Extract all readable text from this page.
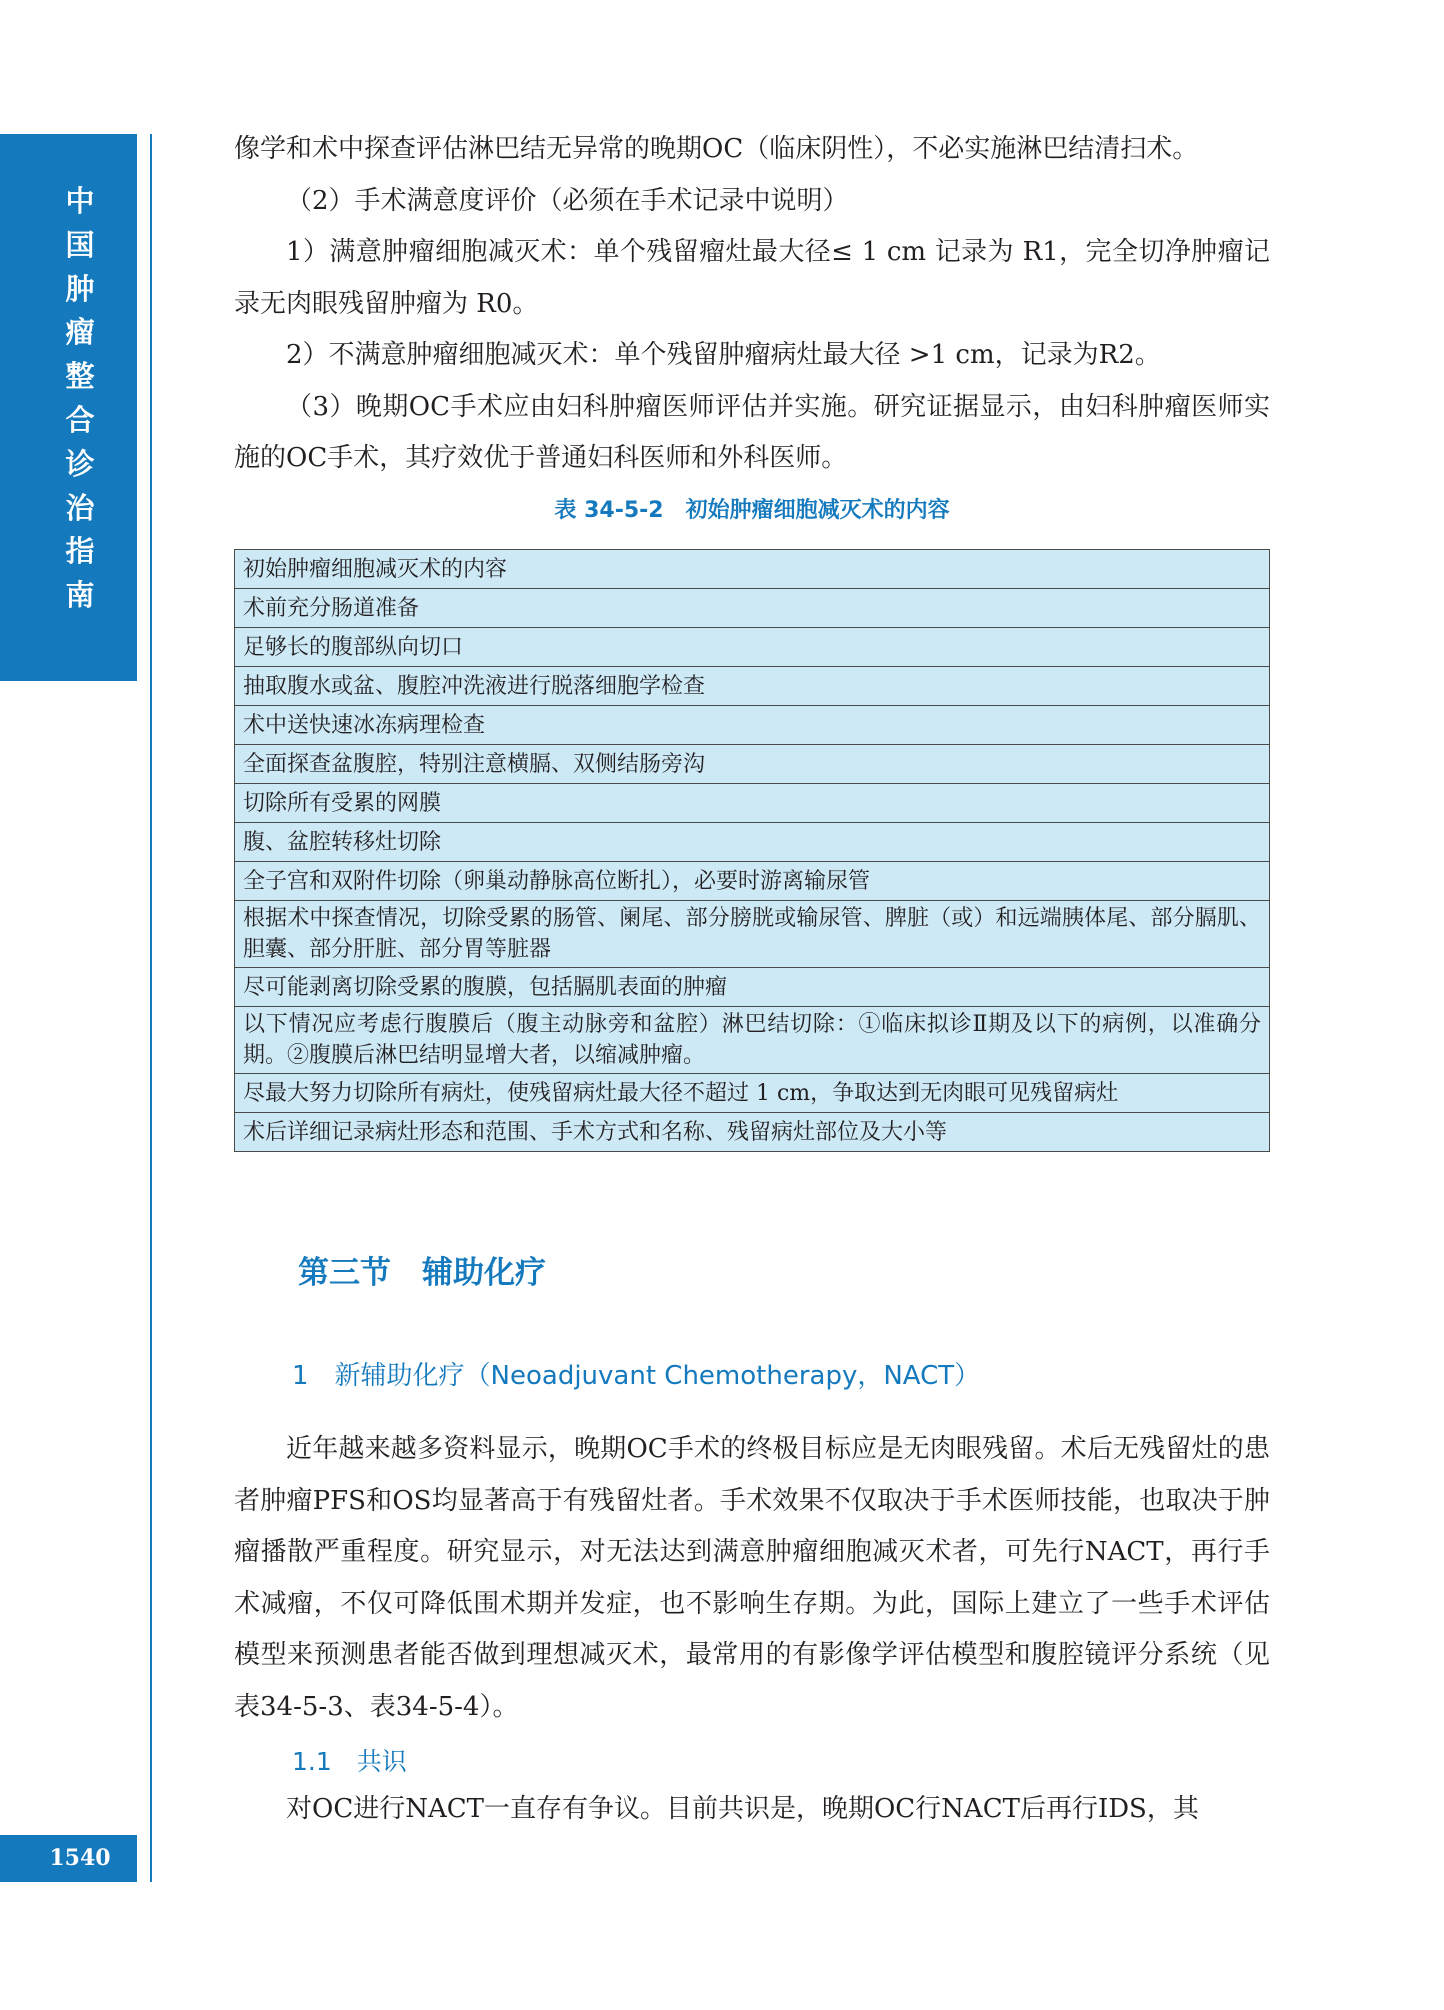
中
国
肿
瘤
整
合
诊
治
指
南
1540

像学和术中探查评估淋巴结无异常的晚期OC（临床阴性），不必实施淋巴结清扫术。

（2）手术满意度评价（必须在手术记录中说明）

1）满意肿瘤细胞减灭术：单个残留瘤灶最大径≤ 1 cm 记录为 R1，完全切净肿瘤记录无肉眼残留肿瘤为 R0。

2）不满意肿瘤细胞减灭术：单个残留肿瘤病灶最大径 >1 cm，记录为R2。

（3）晚期OC手术应由妇科肿瘤医师评估并实施。研究证据显示，由妇科肿瘤医师实施的OC手术，其疗效优于普通妇科医师和外科医师。

表 34-5-2　初始肿瘤细胞减灭术的内容
初始肿瘤细胞减灭术的内容
术前充分肠道准备
足够长的腹部纵向切口
抽取腹水或盆、腹腔冲洗液进行脱落细胞学检查
术中送快速冰冻病理检查
全面探查盆腹腔，特别注意横膈、双侧结肠旁沟
切除所有受累的网膜
腹、盆腔转移灶切除
全子宫和双附件切除（卵巢动静脉高位断扎），必要时游离输尿管
根据术中探查情况，切除受累的肠管、阑尾、部分膀胱或输尿管、脾脏（或）和远端胰体尾、部分膈肌、胆囊、部分肝脏、部分胃等脏器
尽可能剥离切除受累的腹膜，包括膈肌表面的肿瘤
以下情况应考虑行腹膜后（腹主动脉旁和盆腔）淋巴结切除：①临床拟诊Ⅱ期及以下的病例，以准确分期。②腹膜后淋巴结明显增大者，以缩减肿瘤。
尽最大努力切除所有病灶，使残留病灶最大径不超过 1 cm，争取达到无肉眼可见残留病灶
术后详细记录病灶形态和范围、手术方式和名称、残留病灶部位及大小等
第三节　辅助化疗
1　新辅助化疗（Neoadjuvant Chemotherapy，NACT）

近年越来越多资料显示，晚期OC手术的终极目标应是无肉眼残留。术后无残留灶的患者肿瘤PFS和OS均显著高于有残留灶者。手术效果不仅取决于手术医师技能，也取决于肿瘤播散严重程度。研究显示，对无法达到满意肿瘤细胞减灭术者，可先行NACT，再行手术减瘤，不仅可降低围术期并发症，也不影响生存期。为此，国际上建立了一些手术评估模型来预测患者能否做到理想减灭术，最常用的有影像学评估模型和腹腔镜评分系统（见表34-5-3、表34-5-4）。

1.1　共识

对OC进行NACT一直存有争议。目前共识是，晚期OC行NACT后再行IDS，其
